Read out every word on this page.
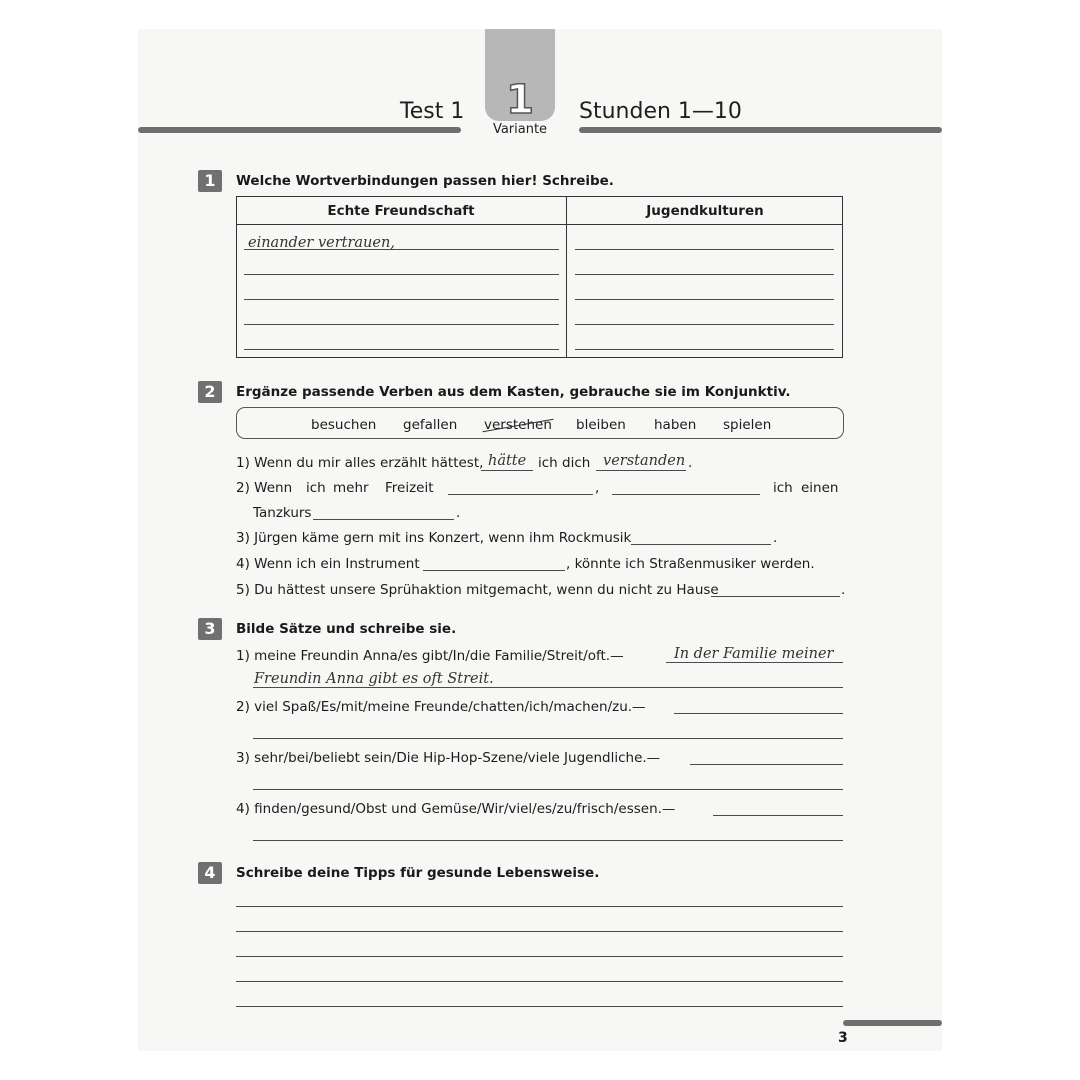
1
Variante
Test 1	Stunden 1—10
1	Welche Wortverbindungen passen hier! Schreibe.
Echte Freundschaft	Jugendkulturen
einander vertrauen,
2	Ergänze passende Verben aus dem Kasten, gebrauche sie im Konjunktiv.
besuchen gefallen verstehen bleiben haben spielen
1) Wenn du mir alles erzählt hättest, hätte ich dich verstanden .
2) Wenn ich mehr Freizeit	,	ich einen
Tanzkurs	.
3) Jürgen käme gern mit ins Konzert, wenn ihm Rockmusik	.
4) Wenn ich ein Instrument	, könnte ich Straßenmusiker werden.
5) Du hättest unsere Sprühaktion mitgemacht, wenn du nicht zu Hause	.
3	Bilde Sätze und schreibe sie.
1) meine Freundin Anna/es gibt/In/die Familie/Streit/oft.—	In der Familie meiner
Freundin Anna gibt es oft Streit.
2) viel Spaß/Es/mit/meine Freunde/chatten/ich/machen/zu.—
3) sehr/bei/beliebt sein/Die Hip-Hop-Szene/viele Jugendliche.—
4) finden/gesund/Obst und Gemüse/Wir/viel/es/zu/frisch/essen.—
4	Schreibe deine Tipps für gesunde Lebensweise.
3
